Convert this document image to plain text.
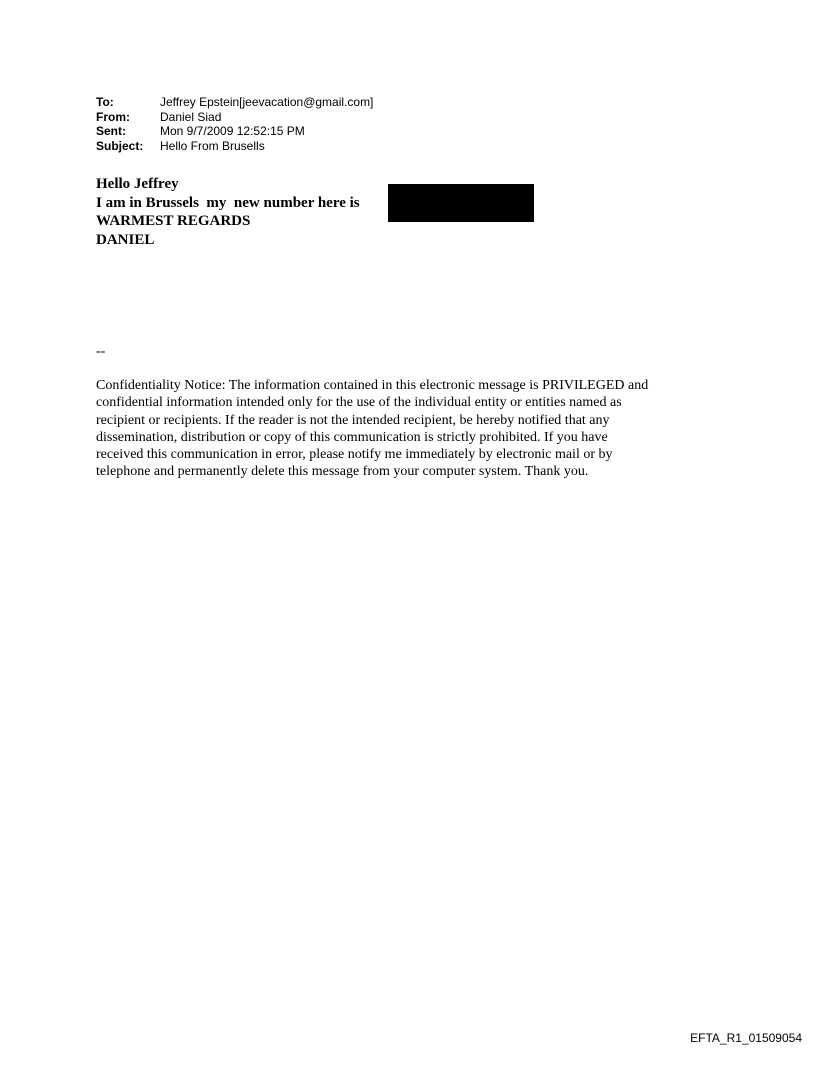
To:	Jeffrey Epstein[jeevacation@gmail.com]
From:	Daniel Siad
Sent:	Mon 9/7/2009 12:52:15 PM
Subject:	Hello From Brusells
Hello Jeffrey
I am in Brussels  my  new number here is
WARMEST REGARDS
DANIEL
--
Confidentiality Notice: The information contained in this electronic message is PRIVILEGED and
confidential information intended only for the use of the individual entity or entities named as
recipient or recipients. If the reader is not the intended recipient, be hereby notified that any
dissemination, distribution or copy of this communication is strictly prohibited. If you have
received this communication in error, please notify me immediately by electronic mail or by
telephone and permanently delete this message from your computer system. Thank you.
EFTA_R1_01509054
